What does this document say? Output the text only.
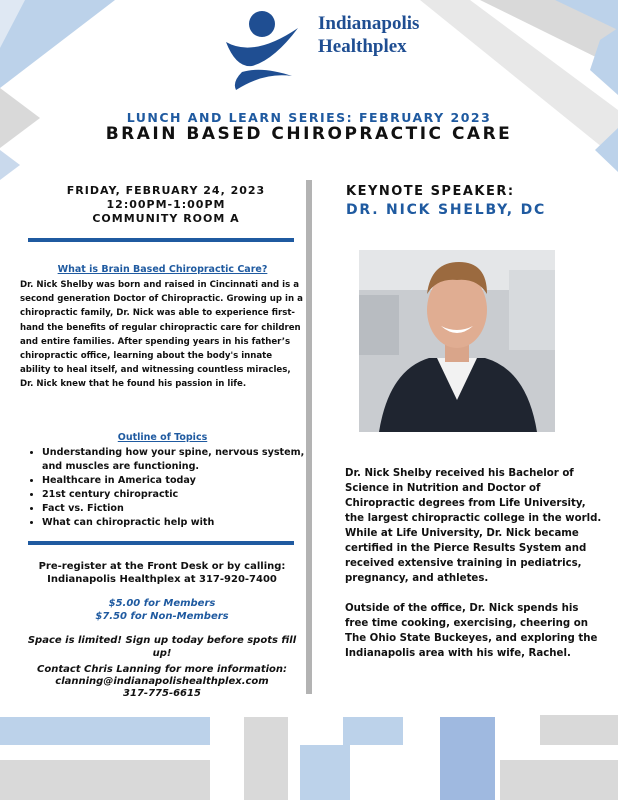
Indianapolis
Healthplex
LUNCH AND LEARN SERIES: FEBRUARY 2023
BRAIN BASED CHIROPRACTIC CARE
FRIDAY, FEBRUARY 24, 2023
12:00PM-1:00PM
COMMUNITY ROOM A
What is Brain Based Chiropractic Care?
Dr. Nick Shelby was born and raised in Cincinnati and is a second generation Doctor of Chiropractic. Growing up in a chiropractic family, Dr. Nick was able to experience first-hand the benefits of regular chiropractic care for children and entire families. After spending years in his father’s chiropractic office, learning about the body's innate ability to heal itself, and witnessing countless miracles, Dr. Nick knew that he found his passion in life.
Outline of Topics
• Understanding how your spine, nervous system, and muscles are functioning.
• Healthcare in America today
• 21st century chiropractic
• Fact vs. Fiction
• What can chiropractic help with
Pre-register at the Front Desk or by calling:
Indianapolis Healthplex at 317-920-7400
$5.00 for Members
$7.50 for Non-Members
Space is limited! Sign up today before spots fill up!
Contact Chris Lanning for more information:
clanning@indianapolishealthplex.com
317-775-6615
KEYNOTE SPEAKER:
DR. NICK SHELBY, DC

Dr. Nick Shelby received his Bachelor of Science in Nutrition and Doctor of Chiropractic degrees from Life University, the largest chiropractic college in the world. While at Life University, Dr. Nick became certified in the Pierce Results System and received extensive training in pediatrics, pregnancy, and athletes.

Outside of the office, Dr. Nick spends his free time cooking, exercising, cheering on The Ohio State Buckeyes, and exploring the Indianapolis area with his wife, Rachel.
